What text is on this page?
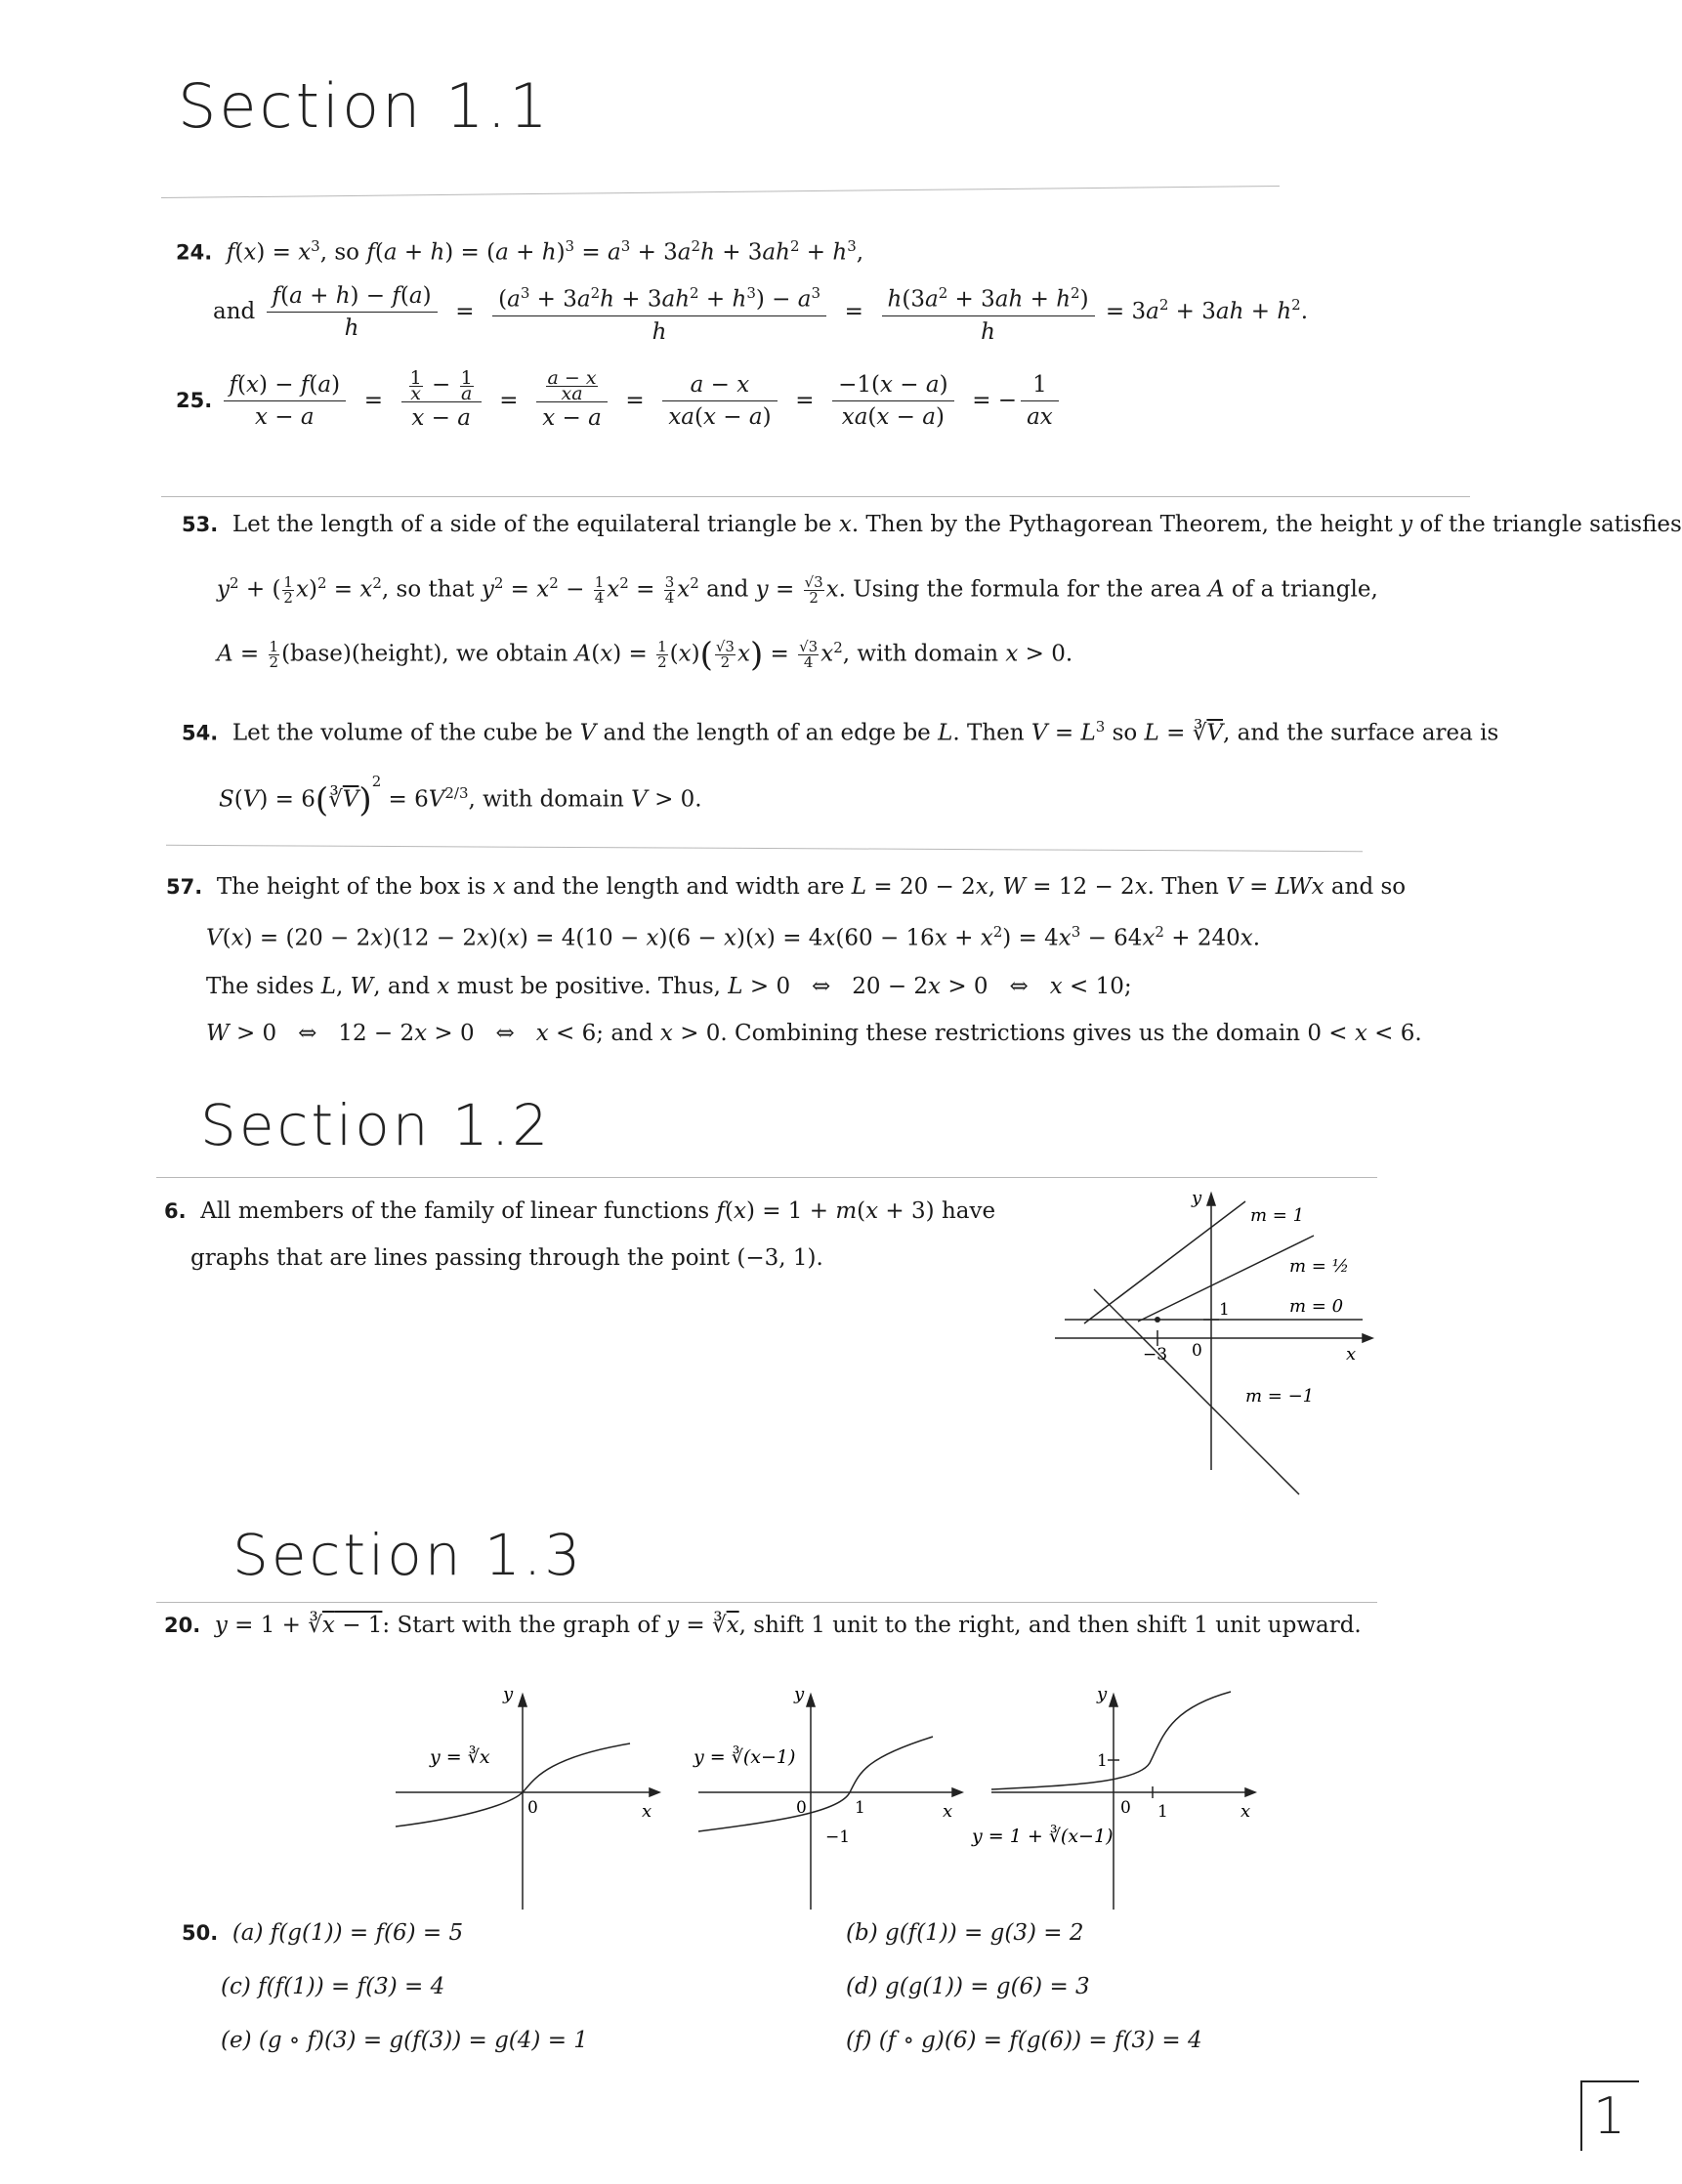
Section 1.1
24. $f(x) = x^3$, so $f(a + h) = (a + h)^3 = a^3 + 3a^2h + 3ah^2 + h^3$,
and $\frac{f(a + h) - f(a)}{h} = \frac{(a^3 + 3a^2h + 3ah^2 + h^3) - a^3}{h} = \frac{h(3a^2 + 3ah + h^2)}{h} = 3a^2 + 3ah + h^2$.
25. $\frac{f(x) - f(a)}{x - a} = \frac{\frac{1}{x} - \frac{1}{a}}{x - a} = \frac{\frac{a - x}{xa}}{x - a} = \frac{a - x}{xa(x - a)} = \frac{-1(x - a)}{xa(x - a)}$ = − $\frac{1}{ax}$
53.  Let the length of a side of the equilateral triangle be x. Then by the Pythagorean Theorem, the height y of the triangle satisfies
$y^2$ + ( $\frac{1}{2} x)^2 = x^2$, so that $y^2 = x^2 - \frac{1}{4} x^2 = \frac{3}{4} x^2$ and $y = \frac{√3}{2} x$. Using the formula for the area A of a triangle,
$A = \frac{1}{2}$ (base)(height), we obtain $A(x) = \frac{1}{2} (x)( \frac{√3}{2} x) = \frac{√3}{4} x^2$, with domain x > 0.
54.  Let the volume of the cube be V and the length of an edge be L. Then $V = L^3$ so $L = ∛\overline{V}$, and the surface area is
$S(V) = 6(∛\overline{V})^2 = 6V^{2/3}$, with domain V > 0.
57.  The height of the box is x and the length and width are L = 20 − 2x, W = 12 − 2x. Then V = LWx and so
$V(x) = (20 - 2x)(12 - 2x)(x) = 4(10 - x)(6 - x)(x) = 4x(60 - 16x + x^2) = 4x^3 - 64x^2 + 240x$.
The sides L, W, and x must be positive. Thus, L > 0   ⇔   20 − 2x > 0   ⇔   x < 10;
W > 0   ⇔   12 − 2x > 0   ⇔   x < 6; and x > 0. Combining these restrictions gives us the domain 0 < x < 6.
Section 1.2
6. All members of the family of linear functions f(x) = 1 + m(x + 3) have
graphs that are lines passing through the point (−3, 1).
y
x
−3 0
1
m = 1
m = ½
m = 0
m = −1
Section 1.3
20. y = 1 + ∛x − 1: Start with the graph of $y = ∛\overline{x}$, shift 1 unit to the right, and then shift 1 unit upward.
y
x
0
y = ∛x
y
x
0	1
−1
y = ∛(x−1)
y
x
0 1
1
y = 1 + ∛(x−1)
50. (a) f(g(1)) = f(6) = 5	(b) g(f(1)) = g(3) = 2
(c) f(f(1)) = f(3) = 4	(d) g(g(1)) = g(6) = 3
(e) (g ∘ f)(3) = g(f(3)) = g(4) = 1	(f) (f ∘ g)(6) = f(g(6)) = f(3) = 4
1
